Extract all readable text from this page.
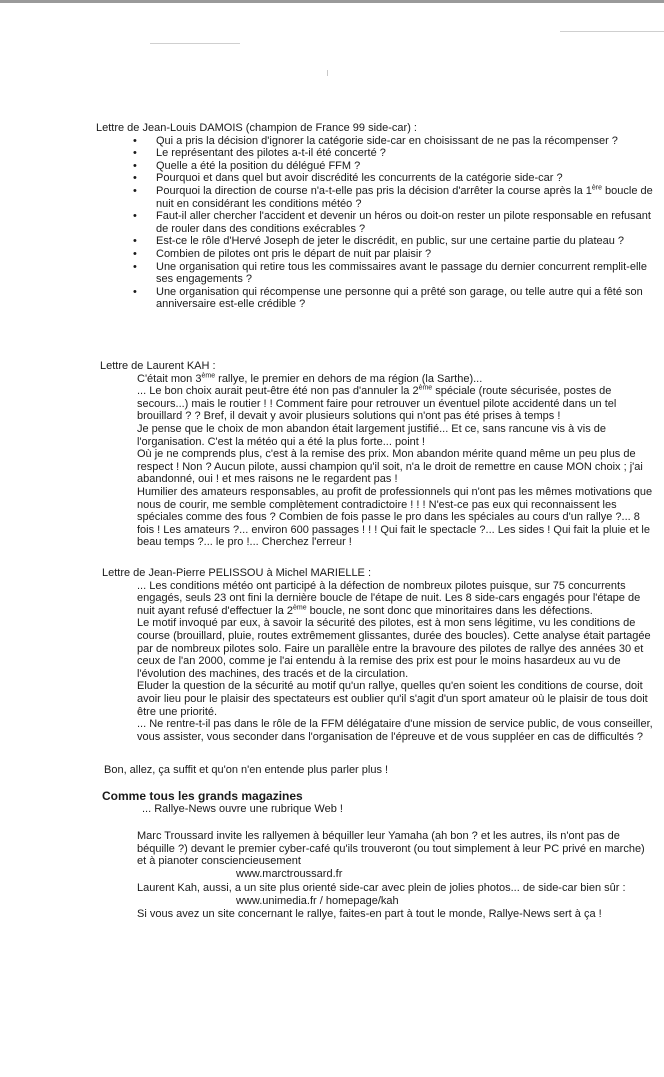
Lettre de Jean-Louis DAMOIS (champion de France 99 side-car) :

• Qui a pris la décision d'ignorer la catégorie side-car en choisissant de ne pas la récompenser ?
• Le représentant des pilotes a-t-il été concerté ?
• Quelle a été la position du délégué FFM ?
• Pourquoi et dans quel but avoir discrédité les concurrents de la catégorie side-car ?
• Pourquoi la direction de course n'a-t-elle pas pris la décision d'arrêter la course après la 1ère boucle de
nuit en considérant les conditions météo ?
• Faut-il aller chercher l'accident et devenir un héros ou doit-on rester un pilote responsable en refusant
de rouler dans des conditions exécrables ?
• Est-ce le rôle d'Hervé Joseph de jeter le discrédit, en public, sur une certaine partie du plateau ?
• Combien de pilotes ont pris le départ de nuit par plaisir ?
• Une organisation qui retire tous les commissaires avant le passage du dernier concurrent remplit-elle
ses engagements ?
• Une organisation qui récompense une personne qui a prêté son garage, ou telle autre qui a fêté son
anniversaire est-elle crédible ?

Lettre de Laurent KAH :

C'était mon 3ème rallye, le premier en dehors de ma région (la Sarthe)...
... Le bon choix aurait peut-être été non pas d'annuler la 2ème spéciale (route sécurisée, postes de
secours...) mais le routier ! ! Comment faire pour retrouver un éventuel pilote accidenté dans un tel
brouillard ? ? Bref, il devait y avoir plusieurs solutions qui n'ont pas été prises à temps !
Je pense que le choix de mon abandon était largement justifié... Et ce, sans rancune vis à vis de
l'organisation. C'est la météo qui a été la plus forte... point !
Où je ne comprends plus, c'est à la remise des prix. Mon abandon mérite quand même un peu plus de
respect ! Non ? Aucun pilote, aussi champion qu'il soit, n'a le droit de remettre en cause MON choix ; j'ai
abandonné, oui ! et mes raisons ne le regardent pas !
Humilier des amateurs responsables, au profit de professionnels qui n'ont pas les mêmes motivations que
nous de courir, me semble complètement contradictoire ! ! ! N'est-ce pas eux qui reconnaissent les
spéciales comme des fous ? Combien de fois passe le pro dans les spéciales au cours d'un rallye ?... 8
fois ! Les amateurs ?... environ 600 passages ! ! ! Qui fait le spectacle ?... Les sides ! Qui fait la pluie et le
beau temps ?... le pro !... Cherchez l'erreur !

Lettre de Jean-Pierre PELISSOU à Michel MARIELLE :

... Les conditions météo ont participé à la défection de nombreux pilotes puisque, sur 75 concurrents
engagés, seuls 23 ont fini la dernière boucle de l'étape de nuit. Les 8 side-cars engagés pour l'étape de
nuit ayant refusé d'effectuer la 2ème boucle, ne sont donc que minoritaires dans les défections.
Le motif invoqué par eux, à savoir la sécurité des pilotes, est à mon sens légitime, vu les conditions de
course (brouillard, pluie, routes extrêmement glissantes, durée des boucles). Cette analyse était partagée
par de nombreux pilotes solo. Faire un parallèle entre la bravoure des pilotes de rallye des années 30 et
ceux de l'an 2000, comme je l'ai entendu à la remise des prix est pour le moins hasardeux au vu de
l'évolution des machines, des tracés et de la circulation.
Eluder la question de la sécurité au motif qu'un rallye, quelles qu'en soient les conditions de course, doit
avoir lieu pour le plaisir des spectateurs est oublier qu'il s'agit d'un sport amateur où le plaisir de tous doit
être une priorité.
... Ne rentre-t-il pas dans le rôle de la FFM délégataire d'une mission de service public, de vous conseiller,
vous assister, vous seconder dans l'organisation de l'épreuve et de vous suppléer en cas de difficultés ?

Bon, allez, ça suffit et qu'on n'en entende plus parler plus !

Comme tous les grands magazines

... Rallye-News ouvre une rubrique Web !

Marc Troussard invite les rallyemen à béquiller leur Yamaha (ah bon ? et les autres, ils n'ont pas de
béquille ?) devant le premier cyber-café qu'ils trouveront (ou tout simplement à leur PC privé en marche)
et à pianoter consciencieusement

www.marctroussard.fr

Laurent Kah, aussi, a un site plus orienté side-car avec plein de jolies photos... de side-car bien sûr :

www.unimedia.fr / homepage/kah

Si vous avez un site concernant le rallye, faites-en part à tout le monde, Rallye-News sert à ça !
